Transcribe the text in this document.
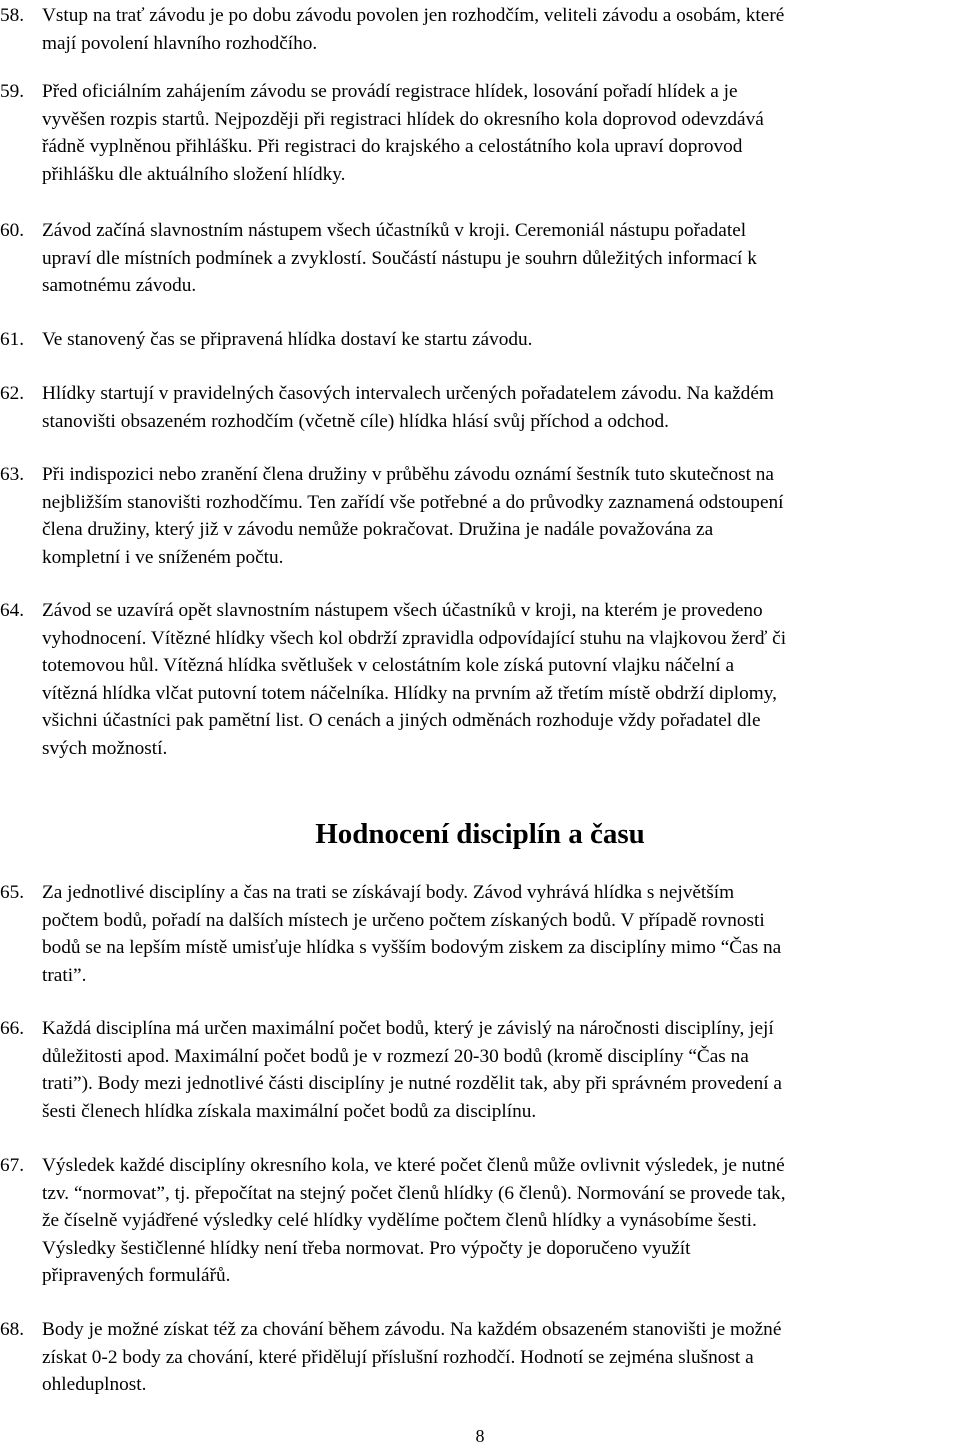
58. Vstup na trať závodu je po dobu závodu povolen jen rozhodčím, veliteli závodu a osobám, které
mají povolení hlavního rozhodčího.
59. Před oficiálním zahájením závodu se provádí registrace hlídek, losování pořadí hlídek a je
vyvěšen rozpis startů. Nejpozději při registraci hlídek do okresního kola doprovod odevzdává
řádně vyplněnou přihlášku. Při registraci do krajského a celostátního kola upraví doprovod
přihlášku dle aktuálního složení hlídky.
60. Závod začíná slavnostním nástupem všech účastníků v kroji. Ceremoniál nástupu pořadatel
upraví dle místních podmínek a zvyklostí. Součástí nástupu je souhrn důležitých informací k
samotnému závodu.
61. Ve stanovený čas se připravená hlídka dostaví ke startu závodu.
62. Hlídky startují v pravidelných časových intervalech určených pořadatelem závodu. Na každém
stanovišti obsazeném rozhodčím (včetně cíle) hlídka hlásí svůj příchod a odchod.
63. Při indispozici nebo zranění člena družiny v průběhu závodu oznámí šestník tuto skutečnost na
nejbližším stanovišti rozhodčímu. Ten zařídí vše potřebné a do průvodky zaznamená odstoupení
člena družiny, který již v závodu nemůže pokračovat. Družina je nadále považována za
kompletní i ve sníženém počtu.
64. Závod se uzavírá opět slavnostním nástupem všech účastníků v kroji, na kterém je provedeno
vyhodnocení. Vítězné hlídky všech kol obdrží zpravidla odpovídající stuhu na vlajkovou žerď či
totemovou hůl. Vítězná hlídka světlušek v celostátním kole získá putovní vlajku náčelní a
vítězná hlídka vlčat putovní totem náčelníka. Hlídky na prvním až třetím místě obdrží diplomy,
všichni účastníci pak pamětní list. O cenách a jiných odměnách rozhoduje vždy pořadatel dle
svých možností.
Hodnocení disciplín a času
65. Za jednotlivé disciplíny a čas na trati se získávají body. Závod vyhrává hlídka s největším
počtem bodů, pořadí na dalších místech je určeno počtem získaných bodů. V případě rovnosti
bodů se na lepším místě umisťuje hlídka s vyšším bodovým ziskem za disciplíny mimo “Čas na
trati”.
66. Každá disciplína má určen maximální počet bodů, který je závislý na náročnosti disciplíny, její
důležitosti apod. Maximální počet bodů je v rozmezí 20-30 bodů (kromě disciplíny “Čas na
trati”). Body mezi jednotlivé části disciplíny je nutné rozdělit tak, aby při správném provedení a
šesti členech hlídka získala maximální počet bodů za disciplínu.
67. Výsledek každé disciplíny okresního kola, ve které počet členů může ovlivnit výsledek, je nutné
tzv. “normovat”, tj. přepočítat na stejný počet členů hlídky (6 členů). Normování se provede tak,
že číselně vyjádřené výsledky celé hlídky vydělíme počtem členů hlídky a vynásobíme šesti.
Výsledky šestičlenné hlídky není třeba normovat. Pro výpočty je doporučeno využít
připravených formulářů.
68. Body je možné získat též za chování během závodu. Na každém obsazeném stanovišti je možné
získat 0-2 body za chování, které přidělují příslušní rozhodčí. Hodnotí se zejména slušnost a
ohleduplnost.
8
